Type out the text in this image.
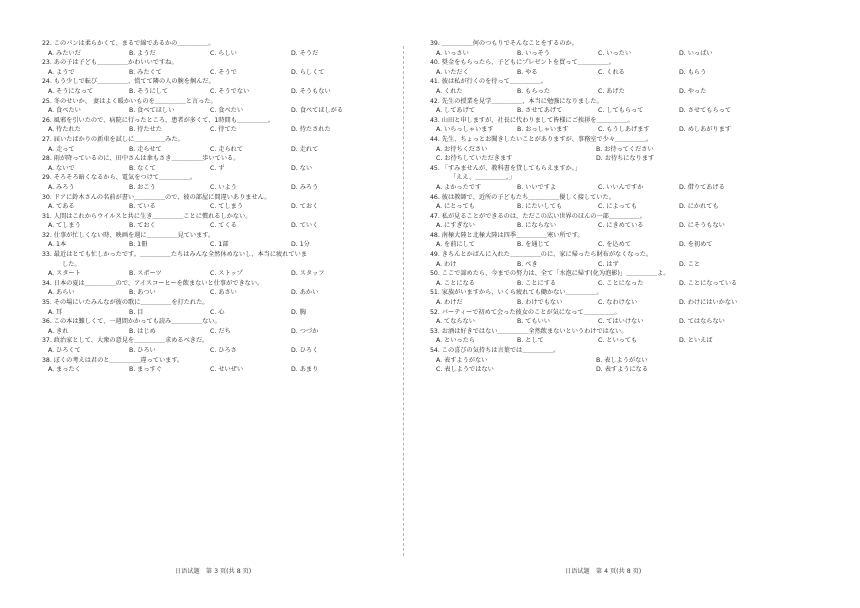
22. このパンは柔らかくて、まるで綿であるかの＿＿＿＿＿。
A. みたいだ	B. ようだ	C. らしい	D. そうだ
23. あの子は子ども＿＿＿＿＿かわいいですね。
A. ようで	B. みたくて	C. そうで	D. らしくて
24. もう少しで転び＿＿＿＿＿、慌てて隣の人の腕を掴んだ。
A. そうになって	B. そうにして	C. そうでない	D. そうもない
25. 冬のせいか、 妻はよく暖かいものを＿＿＿＿＿と言った。
A. 食べたい	B. 食べてほしい	C. 食べたい	D. 食べてほしがる
26. 風邪を引いたので、病院に行ったところ、患者が多くて、1時間も＿＿＿＿＿。
A. 待たれた	B. 待たせた	C. 待てた	D. 待たされた
27. 届いたばかりの新車を試しに＿＿＿＿＿みた。
A. 走って	B. 走らせて	C. 走られて	D. 走れて
28. 雨が降っているのに、田中さんは傘もさき＿＿＿＿＿歩いている。
A. ないで	B. なくて	C. ず	D. ない
29. そろそろ暗くなるから、電気をつけて＿＿＿＿＿。
A. みろう	B. おこう	C. いよう	D. みろう
30. ドアに鈴木さんの名前が書い＿＿＿＿＿ので、彼の部屋に間違いありません。
A. てある	B. ている	C. てしまう	D. ておく
31. 人間はこれからウイルスと共に生き＿＿＿＿＿ことに慣れるしかない。
A. てしまう	B. ておく	C. てくる	D. ていく
32. 仕事が忙しくない時、映画を週に＿＿＿＿＿見ています。
A. 1本	B. 1冊	C. 1部	D. 1分
33. 最近はとても忙しかったです。＿＿＿＿＿たちはみんな全然休めないし、本当に疲れていま
した。
A. スタート	B. スポーツ	C. ストップ	D. スタッフ
34. 日本の夏は＿＿＿＿＿ので、アイスコーヒーを飲まないと仕事ができない。
A. あらい	B. あつい	C. あさい	D. あかい
35. その場にいたみんなが彼の歌に＿＿＿＿＿を打たれた。
A. 耳	B. 目	C. 心	D. 胸
36. この本は難しくて、一週間かかっても読み＿＿＿＿＿ない。
A. きれ	B. はじめ	C. だち	D. つづか
37. 政治家として、大衆の意見を＿＿＿＿＿求めるべきだ。
A. ひろくて	B. ひろい	C. ひろさ	D. ひろく
38. ぼくの考えは君のと＿＿＿＿＿違っています。
A. まったく	B. まっすぐ	C. せいぜい	D. あまり
39. ＿＿＿＿＿何のつもりでそんなことをするのか。
A. いっさい	B. いっそう	C. いったい	D. いっぱい
40. 奨金をもらったら、子どもにプレゼントを買って＿＿＿＿＿。
A. いただく	B. やる	C. くれる	D. もらう
41. 彼は私が行くのを待って＿＿＿＿＿。
A. くれた	B. もらった	C. あげた	D. やった
42. 先生の授業を見学＿＿＿＿＿、本当に勉強になりました。
A. してあげて	B. させてあげて	C. してもらって	D. させてもらって
43. 山田と申しますが、社長に代わりまして皆様にご挨拶を＿＿＿＿＿。
A. いらっしゃいます	B. おっしゃいます	C. もうしあげます	D. めしあがります
44. 先生、ちょっとお聞きしたいことがありますが、事務室で少々＿＿＿＿＿。
A. お待ちください	B. お待ってください
C. お待ちしていただきます	D. お待ちになります
45. 「すみませんが、教科書を貸してもらえますか。」
「ええ、＿＿＿＿＿。」
A. よかったです	B. いいですよ	C. いいんですか	D. 借りてあげる
46. 彼は教師で、近所の子どもたち＿＿＿＿＿優しく接していた。
A. にとっても	B. にたいしても	C. によっても	D. にかれても
47. 私が見ることができるのは、ただこの広い世界のほんの一部＿＿＿＿＿。
A. にすぎない	B. にならない	C. にきめている	D. にそうもない
48. 南極大陸と北極大陸は四季＿＿＿＿＿寒い所です。
A. を前にして	B. を通じて	C. を込めて	D. を初めて
49. きちんとかばんに入れた＿＿＿＿＿のに、家に帰ったら財布がなくなった。
A. わけ	B. べき	C. はず	D. こと
50. ここで諦めたら、今までの努力は、全て「水泡に帰す(化为泡影)」＿＿＿＿＿よ。
A. ことになる	B. ことにする	C. ことになった	D. ことになっている
51. 家族がいますから、いくら疲れても働かない＿＿＿＿＿。
A. わけだ	B. わけでもない	C. なわけない	D. わけにはいかない
52. パーティーで初めて会った彼女のことが気になって＿＿＿＿＿。
A. てならない	B. てもいい	C. てはいけない	D. てはならない
53. お酒は好きではない＿＿＿＿＿全然飲まないというわけではない。
A. といったら	B. として	C. といっても	D. といえば
54. この喜びの気持ちは言葉では＿＿＿＿＿。
A. 表すようがない	B. 表しようがない
C. 表しようではない	D. 表すようになる
日语试题　第 3 页(共 8 页)	日语试题　第 4 页(共 8 页)
